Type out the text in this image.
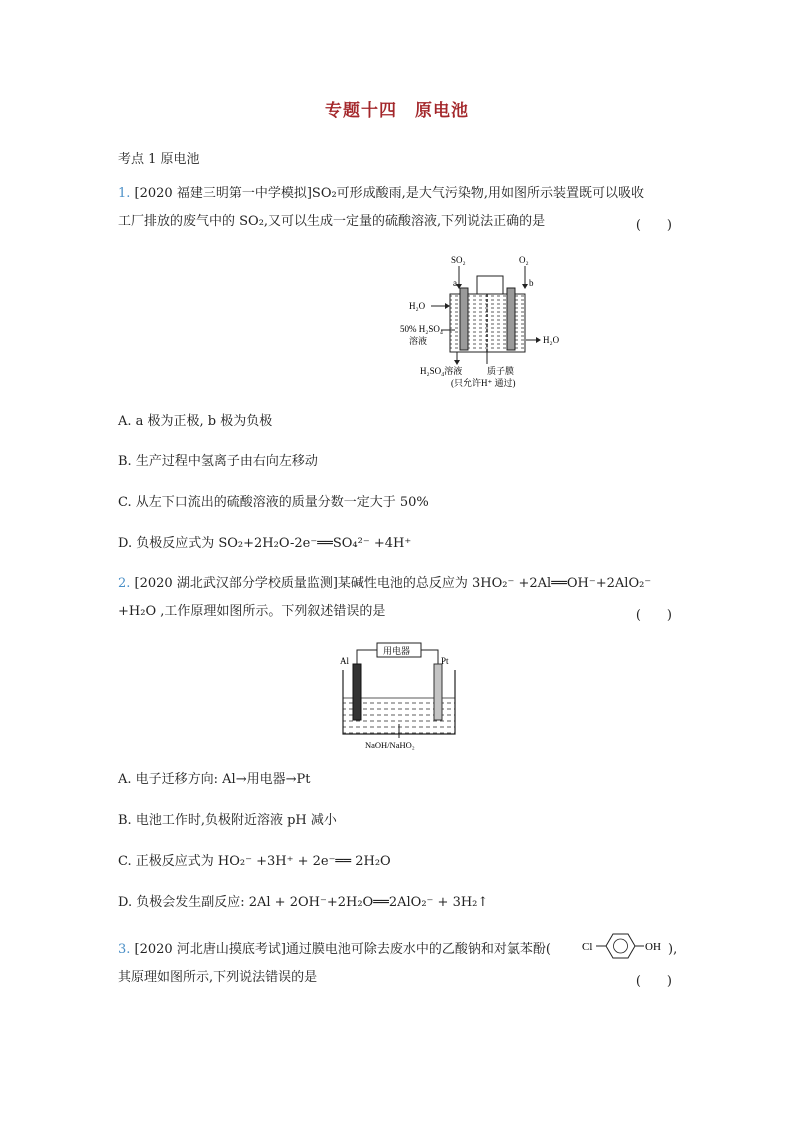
专题十四　原电池
考点 1 原电池
1. [2020 福建三明第一中学模拟]SO₂可形成酸雨,是大气污染物,用如图所示装置既可以吸收
工厂排放的废气中的 SO₂,又可以生成一定量的硫酸溶液,下列说法正确的是	(　　)
SO₂	O₂
a	b
H₂O
50% H₂SO₄
溶液	H₂O
H₂SO₄溶液	质子膜
(只允许H⁺ 通过)
A. a 极为正极, b 极为负极
B. 生产过程中氢离子由右向左移动
C. 从左下口流出的硫酸溶液的质量分数一定大于 50%
D. 负极反应式为 SO₂+2H₂O-2e⁻══SO₄²⁻ +4H⁺
2. [2020 湖北武汉部分学校质量监测]某碱性电池的总反应为 3HO₂⁻ +2Al══OH⁻+2AlO₂⁻
+H₂O ,工作原理如图所示。下列叙述错误的是	(　　)
Al	Pt
用电器
NaOH/NaHO₂
A. 电子迁移方向: Al→用电器→Pt
B. 电池工作时,负极附近溶液 pH 减小
C. 正极反应式为 HO₂⁻ +3H⁺ + 2e⁻══ 2H₂O
D. 负极会发生副反应: 2Al + 2OH⁻+2H₂O══2AlO₂⁻ + 3H₂↑
3. [2020 河北唐山摸底考试]通过膜电池可除去废水中的乙酸钠和对氯苯酚(	Cl	OH ),
其原理如图所示,下列说法错误的是	(　　)
